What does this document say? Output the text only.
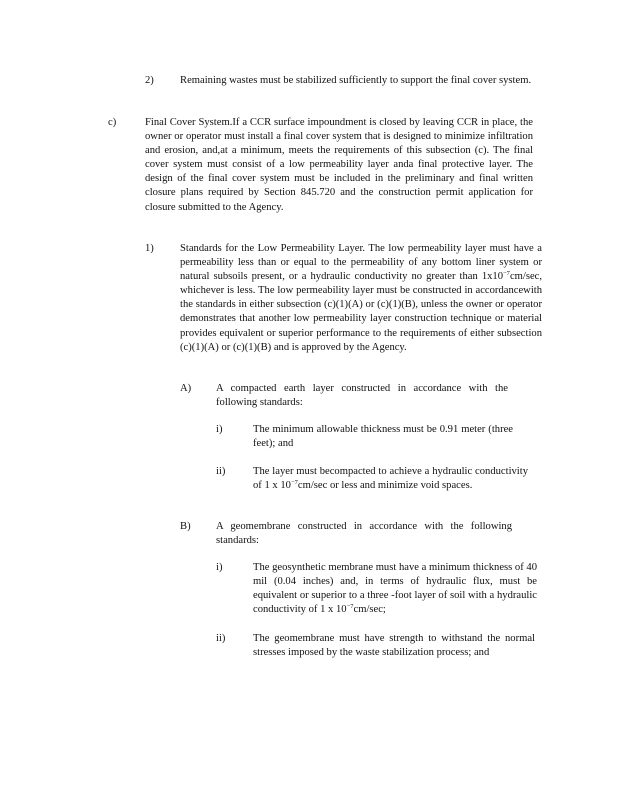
2) Remaining wastes must be stabilized sufficiently to support the final cover system.
c)	Final Cover System.If a CCR surface impoundment is closed by leaving CCR in place, the owner or operator must install a final cover system that is designed to minimize infiltration and erosion, and,at a minimum, meets the requirements of this subsection (c). The final cover system must consist of a low permeability layer anda final protective layer. The design of the final cover system must be included in the preliminary and final written closure plans required by Section 845.720 and the construction permit application for closure submitted to the Agency.
1) Standards for the Low Permeability Layer. The low permeability layer must have a permeability less than or equal to the permeability of any bottom liner system or natural subsoils present, or a hydraulic conductivity no greater than $1x10^{-7}cm/\sec$, whichever is less. The low permeability layer must be constructed in accordancewith the standards in either subsection (c)(1)(A) or (c)(1)(B), unless the owner or operator demonstrates that another low permeability layer construction technique or material provides equivalent or superior performance to the requirements of either subsection (c)(1)(A) or (c)(1)(B) and is approved by the Agency.
A) A compacted earth layer constructed in accordance with the following standards:
i)	The minimum allowable thickness must be 0.91 meter (three feet); and
ii)	The layer must becompacted to achieve a hydraulic conductivity of 1 x $10^{-7}cm/\sec$ or less and minimize void spaces.
B) A geomembrane constructed in accordance with the following standards:
i)	The geosynthetic membrane must have a minimum thickness of 40 mil (0.04 inches) and, in terms of hydraulic flux, must be equivalent or superior to a three -foot layer of soil with a hydraulic conductivity of 1 x $10^{-7}cm/\sec$;
ii)	The geomembrane must have strength to withstand the normal stresses imposed by the waste stabilization process; and
